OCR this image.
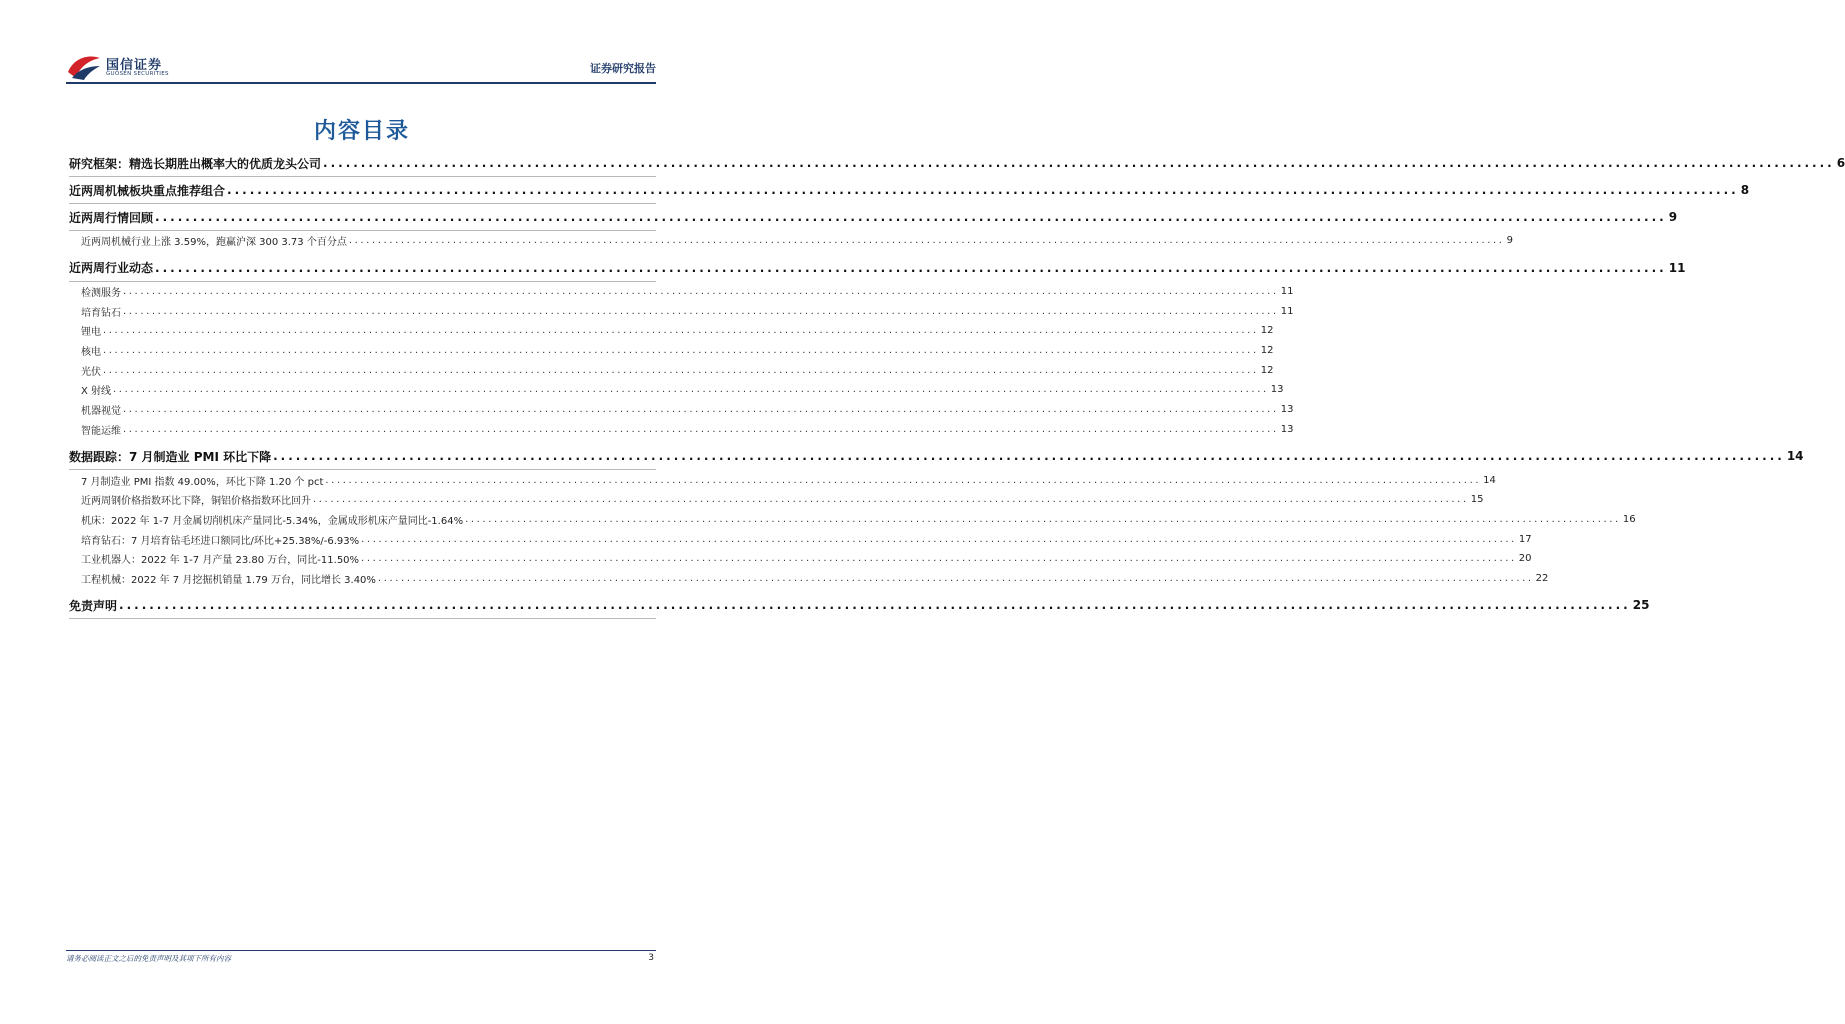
国信证券
GUOSEN SECURITIES	证券研究报告
内容目录
研究框架：精选长期胜出概率大的优质龙头公司 ........................................................................................................................................................................................................ 6
近两周机械板块重点推荐组合 ........................................................................................................................................................................................................ 8
近两周行情回顾 ........................................................................................................................................................................................................ 9
近两周机械行业上涨 3.59%，跑赢沪深 300 3.73 个百分点 ........................................................................................................................................................................................................ 9
近两周行业动态 ........................................................................................................................................................................................................ 11
检测服务 ........................................................................................................................................................................................................ 11
培育钻石 ........................................................................................................................................................................................................ 11
锂电 ........................................................................................................................................................................................................ 12
核电 ........................................................................................................................................................................................................ 12
光伏 ........................................................................................................................................................................................................ 12
X 射线 ........................................................................................................................................................................................................ 13
机器视觉 ........................................................................................................................................................................................................ 13
智能运维 ........................................................................................................................................................................................................ 13
数据跟踪：7 月制造业 PMI 环比下降 ........................................................................................................................................................................................................ 14
7 月制造业 PMI 指数 49.00%，环比下降 1.20 个 pct ........................................................................................................................................................................................................ 14
近两周钢价格指数环比下降，铜铝价格指数环比回升 ........................................................................................................................................................................................................ 15
机床：2022 年 1-7 月金属切削机床产量同比-5.34%，金属成形机床产量同比-1.64% ........................................................................................................................................................................................................ 16
培育钻石：7 月培育钻毛坯进口额同比/环比+25.38%/-6.93% ........................................................................................................................................................................................................ 17
工业机器人：2022 年 1-7 月产量 23.80 万台，同比-11.50% ........................................................................................................................................................................................................ 20
工程机械：2022 年 7 月挖掘机销量 1.79 万台，同比增长 3.40% ........................................................................................................................................................................................................ 22
免责声明 ........................................................................................................................................................................................................ 25
请务必阅读正文之后的免责声明及其项下所有内容	3
